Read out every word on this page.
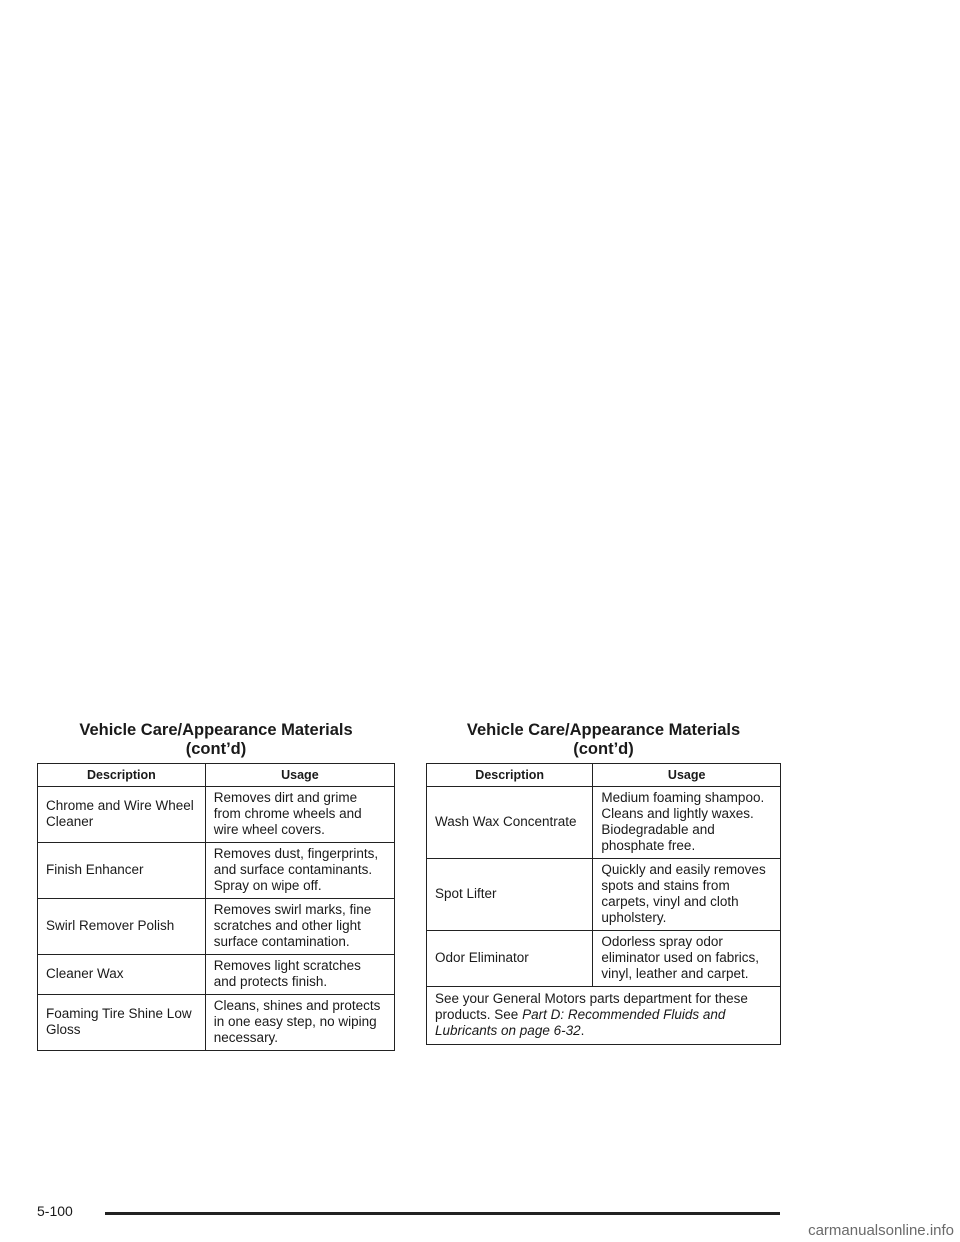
Vehicle Care/Appearance Materials
(cont’d)
Description	Usage
Chrome and Wire Wheel Cleaner	Removes dirt and grime from chrome wheels and wire wheel covers.
Finish Enhancer	Removes dust, fingerprints, and surface contaminants. Spray on wipe off.
Swirl Remover Polish	Removes swirl marks, fine scratches and other light surface contamination.
Cleaner Wax	Removes light scratches and protects finish.
Foaming Tire Shine Low Gloss	Cleans, shines and protects in one easy step, no wiping necessary.
Vehicle Care/Appearance Materials
(cont’d)
Description	Usage
Wash Wax Concentrate	Medium foaming shampoo. Cleans and lightly waxes. Biodegradable and phosphate free.
Spot Lifter	Quickly and easily removes spots and stains from carpets, vinyl and cloth upholstery.
Odor Eliminator	Odorless spray odor eliminator used on fabrics, vinyl, leather and carpet.
See your General Motors parts department for these products. See Part D: Recommended Fluids and Lubricants on page 6-32.	
5-100
carmanualsonline.info
